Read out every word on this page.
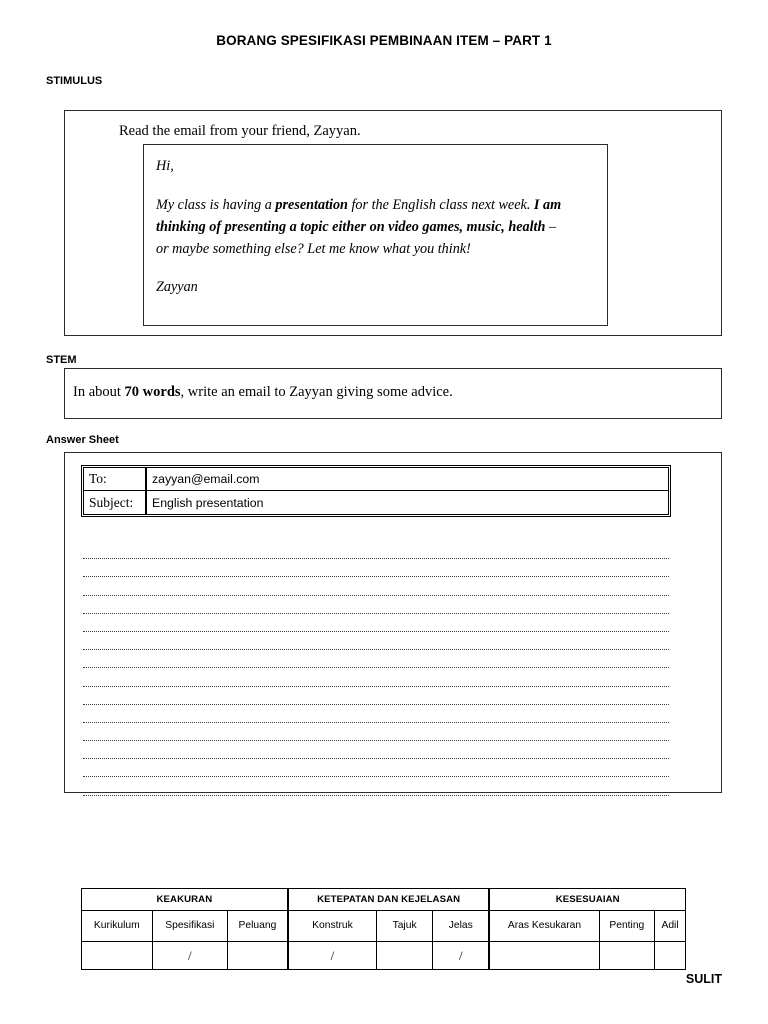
BORANG SPESIFIKASI PEMBINAAN ITEM – PART 1
STIMULUS
Read the email from your friend, Zayyan.
Hi,
My class is having a presentation for the English class next week. I am
thinking of presenting a topic either on video games, music, health –
or maybe something else? Let me know what you think!
Zayyan
STEM
In about 70 words, write an email to Zayyan giving some advice.
Answer Sheet
To:	zayyan@email.com
Subject:	English presentation
KEAKURAN			KETEPATAN DAN KEJELASAN			KESESUAIAN		
Kurikulum	Spesifikasi	Peluang	Konstruk	Tajuk	Jelas	Aras Kesukaran	Penting	Adil
	/		/		/			
SULIT
